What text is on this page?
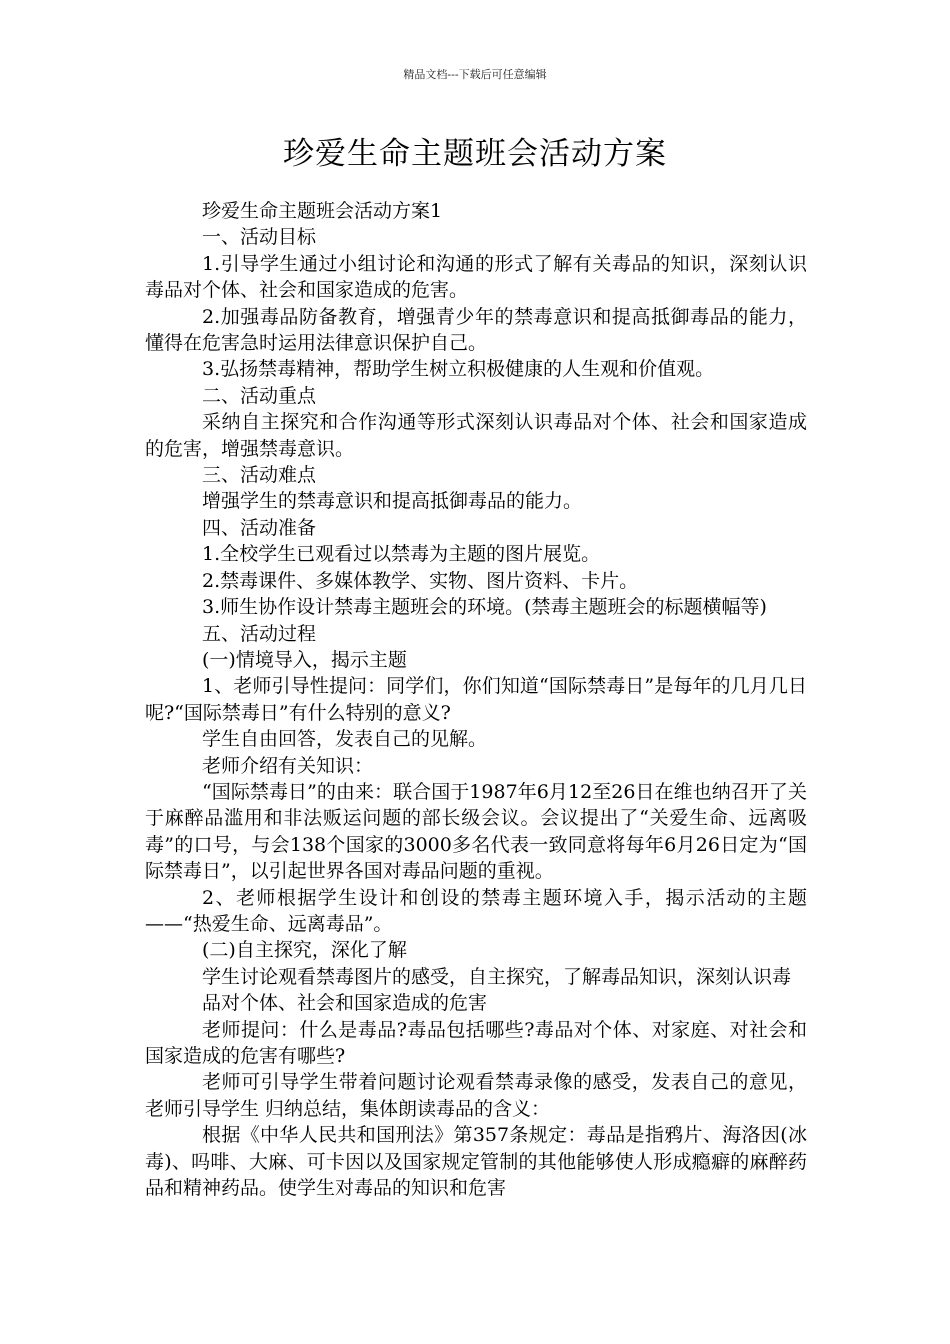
精品文档---下载后可任意编辑
珍爱生命主题班会活动方案

珍爱生命主题班会活动方案1

一、活动目标

1.引导学生通过小组讨论和沟通的形式了解有关毒品的知识，深刻认识毒品对个体、社会和国家造成的危害。

2.加强毒品防备教育，增强青少年的禁毒意识和提高抵御毒品的能力，懂得在危害急时运用法律意识保护自己。

3.弘扬禁毒精神，帮助学生树立积极健康的人生观和价值观。

二、活动重点

采纳自主探究和合作沟通等形式深刻认识毒品对个体、社会和国家造成的危害，增强禁毒意识。

三、活动难点

增强学生的禁毒意识和提高抵御毒品的能力。

四、活动准备

1.全校学生已观看过以禁毒为主题的图片展览。

2.禁毒课件、多媒体教学、实物、图片资料、卡片。

3.师生协作设计禁毒主题班会的环境。(禁毒主题班会的标题横幅等)

五、活动过程

(一)情境导入，揭示主题

1、老师引导性提问：同学们，你们知道“国际禁毒日”是每年的几月几日呢?“国际禁毒日”有什么特别的意义?

学生自由回答，发表自己的见解。

老师介绍有关知识：

“国际禁毒日”的由来：联合国于1987年6月12至26日在维也纳召开了关于麻醉品滥用和非法贩运问题的部长级会议。会议提出了“关爱生命、远离吸毒”的口号，与会138个国家的3000多名代表一致同意将每年6月26日定为“国际禁毒日”，以引起世界各国对毒品问题的重视。

2、老师根据学生设计和创设的禁毒主题环境入手，揭示活动的主题——“热爱生命、远离毒品”。

(二)自主探究，深化了解

学生讨论观看禁毒图片的感受，自主探究，了解毒品知识，深刻认识毒

品对个体、社会和国家造成的危害

老师提问：什么是毒品?毒品包括哪些?毒品对个体、对家庭、对社会和国家造成的危害有哪些?

老师可引导学生带着问题讨论观看禁毒录像的感受，发表自己的意见，老师引导学生 归纳总结，集体朗读毒品的含义：

根据《中华人民共和国刑法》第357条规定：毒品是指鸦片、海洛因(冰毒)、吗啡、大麻、可卡因以及国家规定管制的其他能够使人形成瘾癖的麻醉药品和精神药品。使学生对毒品的知识和危害
